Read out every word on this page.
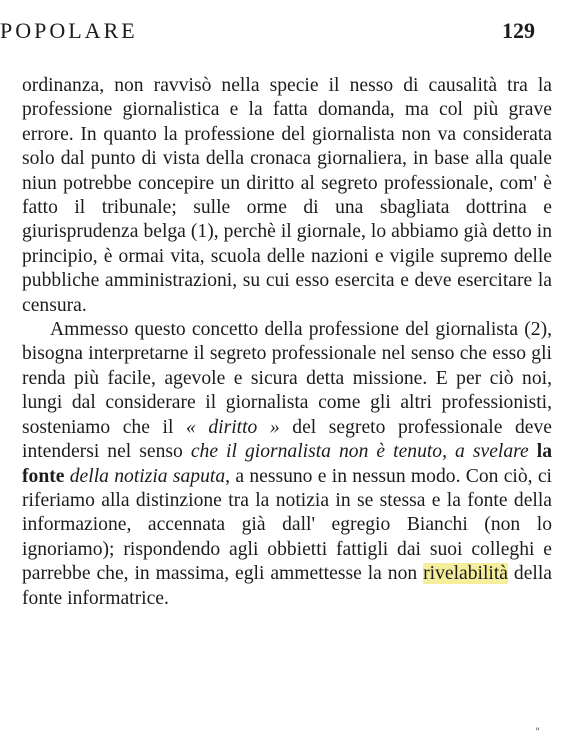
POPOLARE	129

ordinanza, non ravvisò nella specie il nesso di causalità tra la professione giornalistica e la fatta domanda, ma col più grave errore. In quanto la professione del giornalista non va considerata solo dal punto di vista della cronaca giornaliera, in base alla quale niun potrebbe concepire un diritto al segreto professionale, com' è fatto il tribunale; sulle orme di una sbagliata dottrina e giurisprudenza belga (1), perchè il giornale, lo abbiamo già detto in principio, è ormai vita, scuola delle nazioni e vigile supremo delle pubbliche amministrazioni, su cui esso esercita e deve esercitare la censura.

Ammesso questo concetto della professione del giornalista (2), bisogna interpretarne il segreto professionale nel senso che esso gli renda più facile, agevole e sicura detta missione. E per ciò noi, lungi dal considerare il giornalista come gli altri professionisti, sosteniamo che il « diritto » del segreto professionale deve intendersi nel senso che il giornalista non è tenuto, a svelare la fonte della notizia saputa, a nessuno e in nessun modo. Con ciò, ci riferiamo alla distinzione tra la notizia in se stessa e la fonte della informazione, accennata già dall' egregio Bianchi (non lo ignoriamo); rispondendo agli obbietti fattigli dai suoi colleghi e parrebbe che, in massima, egli ammettesse la non rivelabilità della fonte informatrice.

"
